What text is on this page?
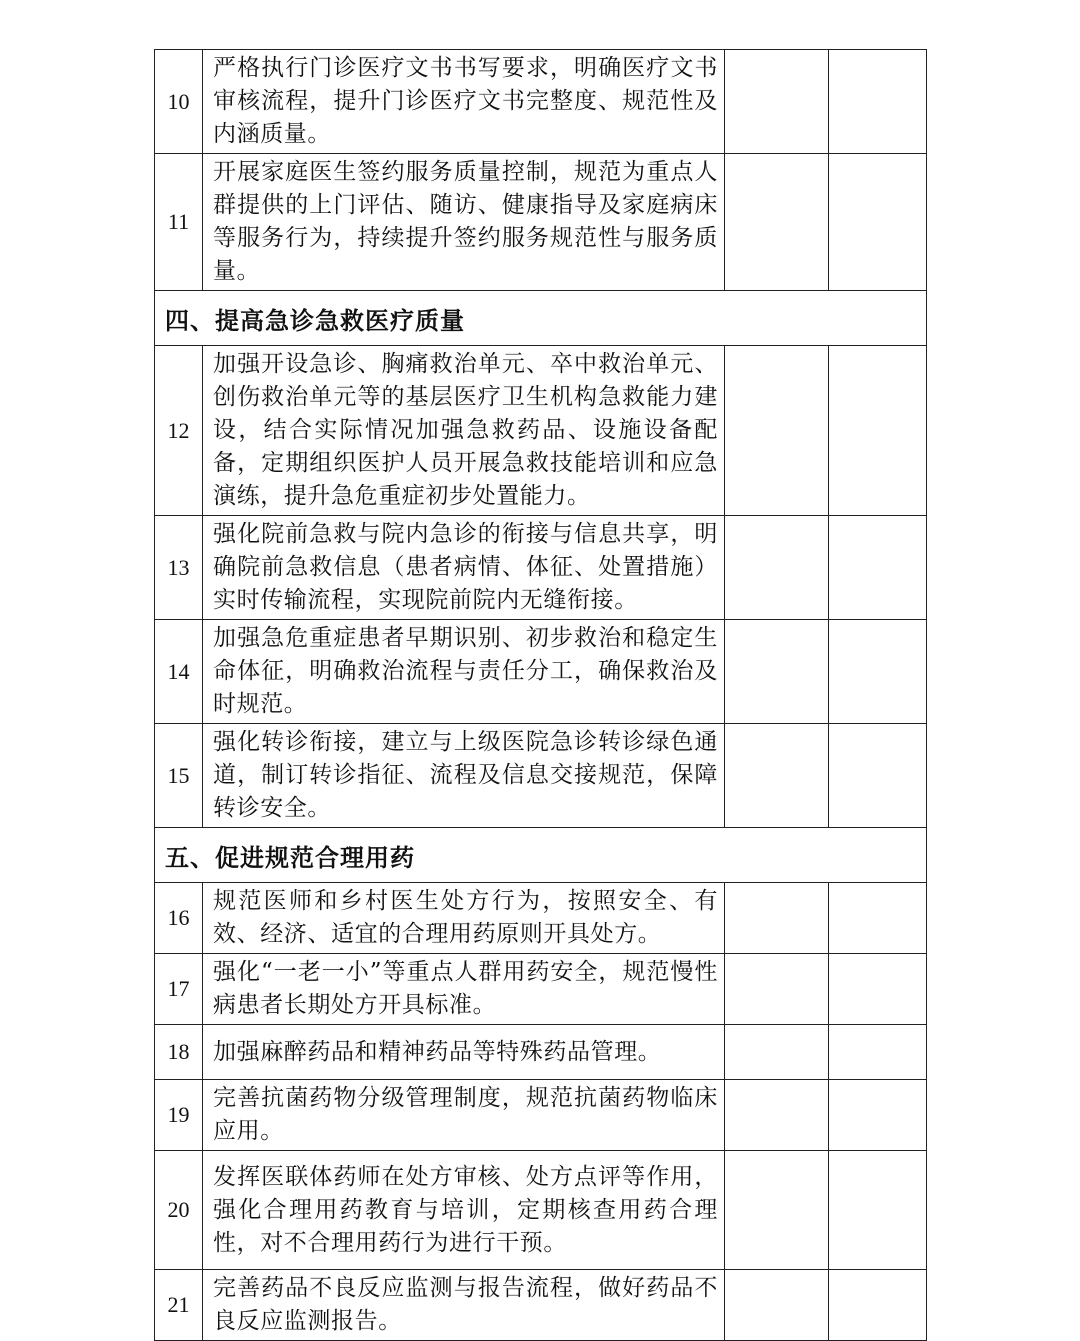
10	严格执行门诊医疗文书书写要求，明确医疗文书审核流程，提升门诊医疗文书完整度、规范性及内涵质量。		
11	开展家庭医生签约服务质量控制，规范为重点人群提供的上门评估、随访、健康指导及家庭病床等服务行为，持续提升签约服务规范性与服务质量。		
四、提高急诊急救医疗质量			
12	加强开设急诊、胸痛救治单元、卒中救治单元、创伤救治单元等的基层医疗卫生机构急救能力建设，结合实际情况加强急救药品、设施设备配备，定期组织医护人员开展急救技能培训和应急演练，提升急危重症初步处置能力。		
13	强化院前急救与院内急诊的衔接与信息共享，明确院前急救信息（患者病情、体征、处置措施）实时传输流程，实现院前院内无缝衔接。		
14	加强急危重症患者早期识别、初步救治和稳定生命体征，明确救治流程与责任分工，确保救治及时规范。		
15	强化转诊衔接，建立与上级医院急诊转诊绿色通道，制订转诊指征、流程及信息交接规范，保障转诊安全。		
五、促进规范合理用药			
16	规范医师和乡村医生处方行为，按照安全、有效、经济、适宜的合理用药原则开具处方。		
17	强化“一老一小”等重点人群用药安全，规范慢性病患者长期处方开具标准。		
18	加强麻醉药品和精神药品等特殊药品管理。		
19	完善抗菌药物分级管理制度，规范抗菌药物临床应用。		
20	发挥医联体药师在处方审核、处方点评等作用，强化合理用药教育与培训，定期核查用药合理性，对不合理用药行为进行干预。		
21	完善药品不良反应监测与报告流程，做好药品不良反应监测报告。		
